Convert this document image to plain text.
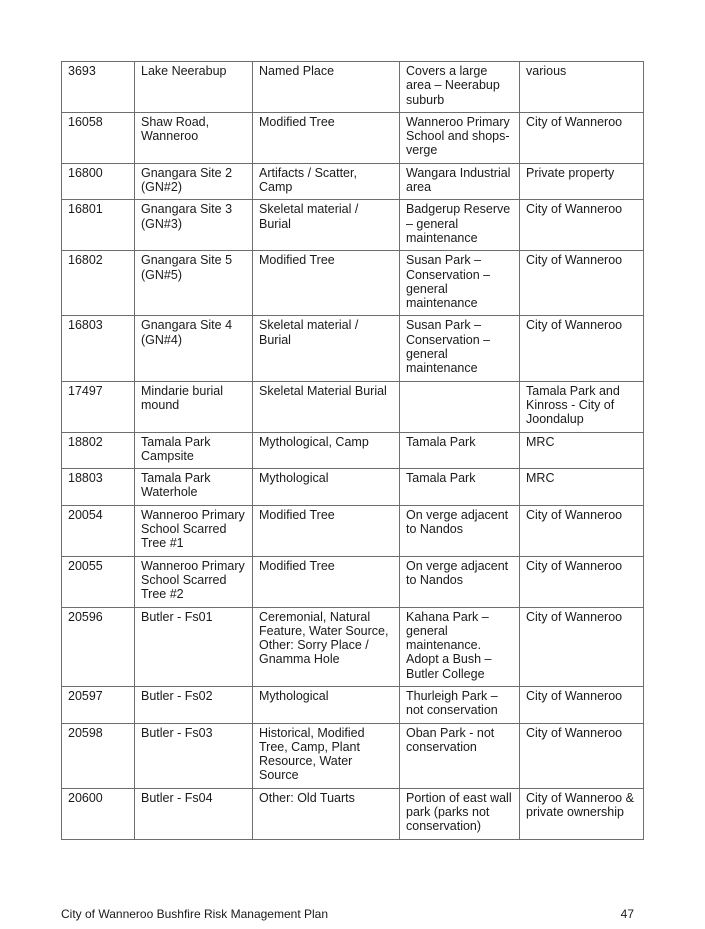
3693	Lake Neerabup	Named Place	Covers a large area – Neerabup suburb	various
16058	Shaw Road, Wanneroo	Modified Tree	Wanneroo Primary School and shops-verge	City of Wanneroo
16800	Gnangara Site 2 (GN#2)	Artifacts / Scatter, Camp	Wangara Industrial area	Private property
16801	Gnangara Site 3 (GN#3)	Skeletal material / Burial	Badgerup Reserve – general maintenance	City of Wanneroo
16802	Gnangara Site 5 (GN#5)	Modified Tree	Susan Park – Conservation – general maintenance	City of Wanneroo
16803	Gnangara Site 4 (GN#4)	Skeletal material / Burial	Susan Park – Conservation – general maintenance	City of Wanneroo
17497	Mindarie burial mound	Skeletal Material Burial		Tamala Park and Kinross - City of Joondalup
18802	Tamala Park Campsite	Mythological, Camp	Tamala Park	MRC
18803	Tamala Park Waterhole	Mythological	Tamala Park	MRC
20054	Wanneroo Primary School Scarred Tree #1	Modified Tree	On verge adjacent to Nandos	City of Wanneroo
20055	Wanneroo Primary School Scarred Tree #2	Modified Tree	On verge adjacent to Nandos	City of Wanneroo
20596	Butler - Fs01	Ceremonial, Natural Feature, Water Source, Other: Sorry Place / Gnamma Hole	Kahana Park – general maintenance. Adopt a Bush – Butler College	City of Wanneroo
20597	Butler - Fs02	Mythological	Thurleigh Park – not conservation	City of Wanneroo
20598	Butler - Fs03	Historical, Modified Tree, Camp, Plant Resource, Water Source	Oban Park - not conservation	City of Wanneroo
20600	Butler - Fs04	Other: Old Tuarts	Portion of east wall park (parks not conservation)	City of Wanneroo & private ownership
City of Wanneroo Bushfire Risk Management Plan	47
